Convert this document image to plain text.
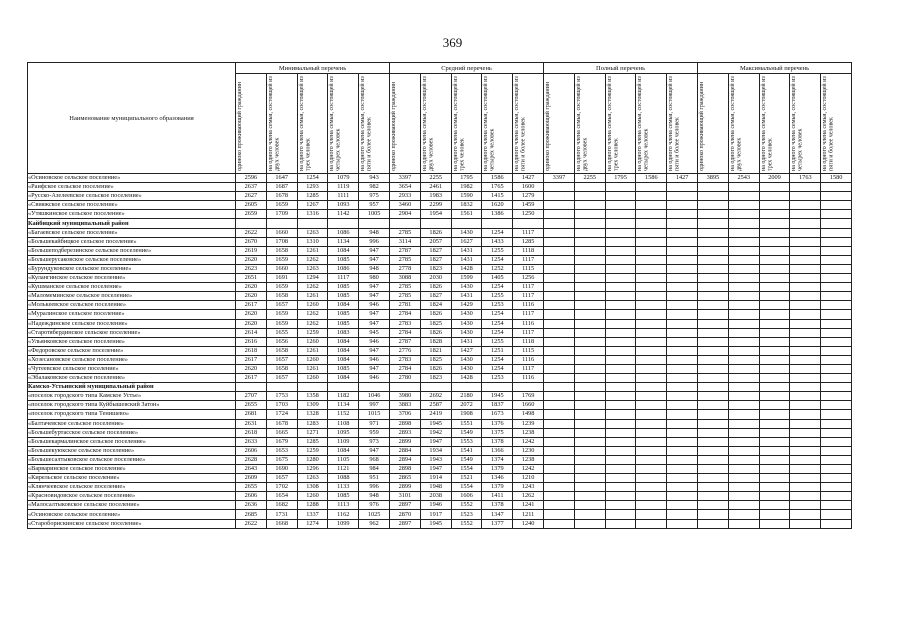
369
Наименование муниципального образования	Минимальный перечень					Средний перечень					Полный перечень					Максимальный перечень				

	одиноко проживающий гражданин	на одного члена семьи, состоящей из двух человек	на одного члена семьи, состоящей из трех человек	на одного члена семьи, состоящей из четырех человек	на одного члена семьи, состоящей из пяти и более человек	одиноко проживающий гражданин	на одного члена семьи, состоящей из двух человек	на одного члена семьи, состоящей из трех человек	на одного члена семьи, состоящей из четырех человек	на одного члена семьи, состоящей из пяти и более человек	одиноко проживающий гражданин	на одного члена семьи, состоящей из двух человек	на одного члена семьи, состоящей из трех человек	на одного члена семьи, состоящей из четырех человек	на одного члена семьи, состоящей из пяти и более человек	одиноко проживающий гражданин	на одного члена семьи, состоящей из двух человек	на одного члена семьи, состоящей из трех человек	на одного члена семьи, состоящей из четырех человек	на одного члена семьи, состоящей из пяти и более человек

«Осиновское сельское поселение»	2596	1647	1254	1079	943	3397	2255	1795	1586	1427	3397	2255	1795	1586	1427	3895	2543	2009	1763	1580
«Раифское сельское поселение»	2637	1687	1293	1119	982	3654	2461	1982	1765	1600										
«Русско-Азелеевское сельское поселение»	2627	1678	1285	1111	975	2933	1983	1590	1415	1279										
«Свияжское сельское поселение»	2605	1659	1267	1093	957	3460	2299	1832	1620	1459										
«Утяшкинское сельское поселение»	2659	1709	1316	1142	1005	2904	1954	1561	1386	1250										
Кайбицкий муниципальный район																				
«Багаевское сельское поселение»	2622	1660	1263	1086	948	2785	1826	1430	1254	1117										
«Большекайбицкое сельское поселение»	2670	1708	1310	1134	996	3114	2057	1627	1433	1285										
«Большеподберезинское сельское поселение»	2619	1658	1261	1084	947	2787	1827	1431	1255	1118										
«Большерусаковское сельское поселение»	2620	1659	1262	1085	947	2785	1827	1431	1254	1117										
«Бурундуковское сельское поселение»	2623	1660	1263	1086	948	2778	1823	1428	1252	1115										
«Кулангинское сельское поселение»	2651	1691	1294	1117	980	3088	2030	1599	1405	1256										
«Кушманское сельское поселение»	2620	1659	1262	1085	947	2785	1826	1430	1254	1117										
«Маломеминское сельское поселение»	2620	1658	1261	1085	947	2785	1827	1431	1255	1117										
«Молькеевское сельское поселение»	2617	1657	1260	1084	946	2781	1824	1429	1253	1116										
«Муралинское сельское поселение»	2620	1659	1262	1085	947	2784	1826	1430	1254	1117										
«Надеждинское сельское поселение»	2620	1659	1262	1085	947	2783	1825	1430	1254	1116										
«Старотябердинское сельское поселение»	2614	1655	1259	1083	945	2784	1826	1430	1254	1117										
«Ульянковское сельское поселение»	2616	1656	1260	1084	946	2787	1828	1431	1255	1118										
«Федоровское сельское поселение»	2618	1658	1261	1084	947	2776	1821	1427	1251	1115										
«Хозесановское сельское поселение»	2617	1657	1260	1084	946	2783	1825	1430	1254	1116										
«Чутеевское сельское поселение»	2620	1658	1261	1085	947	2784	1826	1430	1254	1117										
«Эбалаковское сельское поселение»	2617	1657	1260	1084	946	2780	1823	1428	1253	1116										
Камско-Устьинский муниципальный район																				
«поселок городского типа Камское Устье»	2707	1753	1358	1182	1046	3980	2692	2180	1945	1769										
«поселок городского типа Куйбышевский Затон»	2655	1703	1309	1134	997	3883	2587	2072	1837	1660										
«поселок городского типа Тенишево»	2681	1724	1328	1152	1015	3706	2419	1908	1673	1498										
«Балтачевское сельское поселение»	2631	1678	1283	1108	971	2898	1945	1551	1376	1239										
«Большебуртасское сельское поселение»	2618	1665	1271	1095	959	2893	1942	1549	1375	1238										
«Большекармалинское сельское поселение»	2633	1679	1285	1109	973	2899	1947	1553	1378	1242										
«Большекуюкское сельское поселение»	2606	1653	1259	1084	947	2884	1934	1541	1366	1230										
«Большесалтыковское сельское поселение»	2628	1675	1280	1105	968	2894	1943	1549	1374	1238										
«Варваринское сельское поселение»	2643	1690	1296	1121	984	2898	1947	1554	1379	1242										
«Кирельское сельское поселение»	2609	1657	1263	1088	951	2865	1914	1521	1346	1210										
«Клянчеевское сельское поселение»	2655	1702	1308	1133	996	2899	1948	1554	1379	1243										
«Красновидовское сельское поселение»	2606	1654	1260	1085	948	3101	2038	1606	1411	1262										
«Малосалтыковское сельское поселение»	2636	1682	1288	1113	976	2897	1946	1552	1378	1241										
«Осиновское сельское поселение»	2685	1731	1337	1162	1025	2870	1917	1523	1347	1211										
«Староборискинское сельское поселение»	2622	1668	1274	1099	962	2897	1945	1552	1377	1240										
